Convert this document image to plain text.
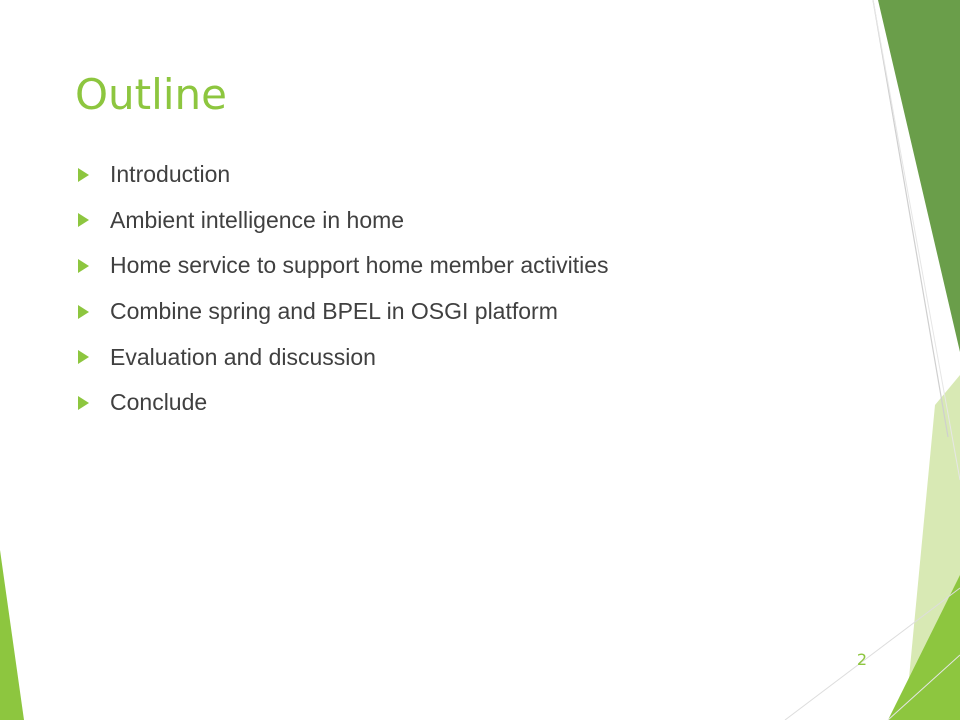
Outline
Introduction
Ambient intelligence in home
Home service to support home member activities
Combine spring and BPEL in OSGI platform
Evaluation and discussion
Conclude
2
